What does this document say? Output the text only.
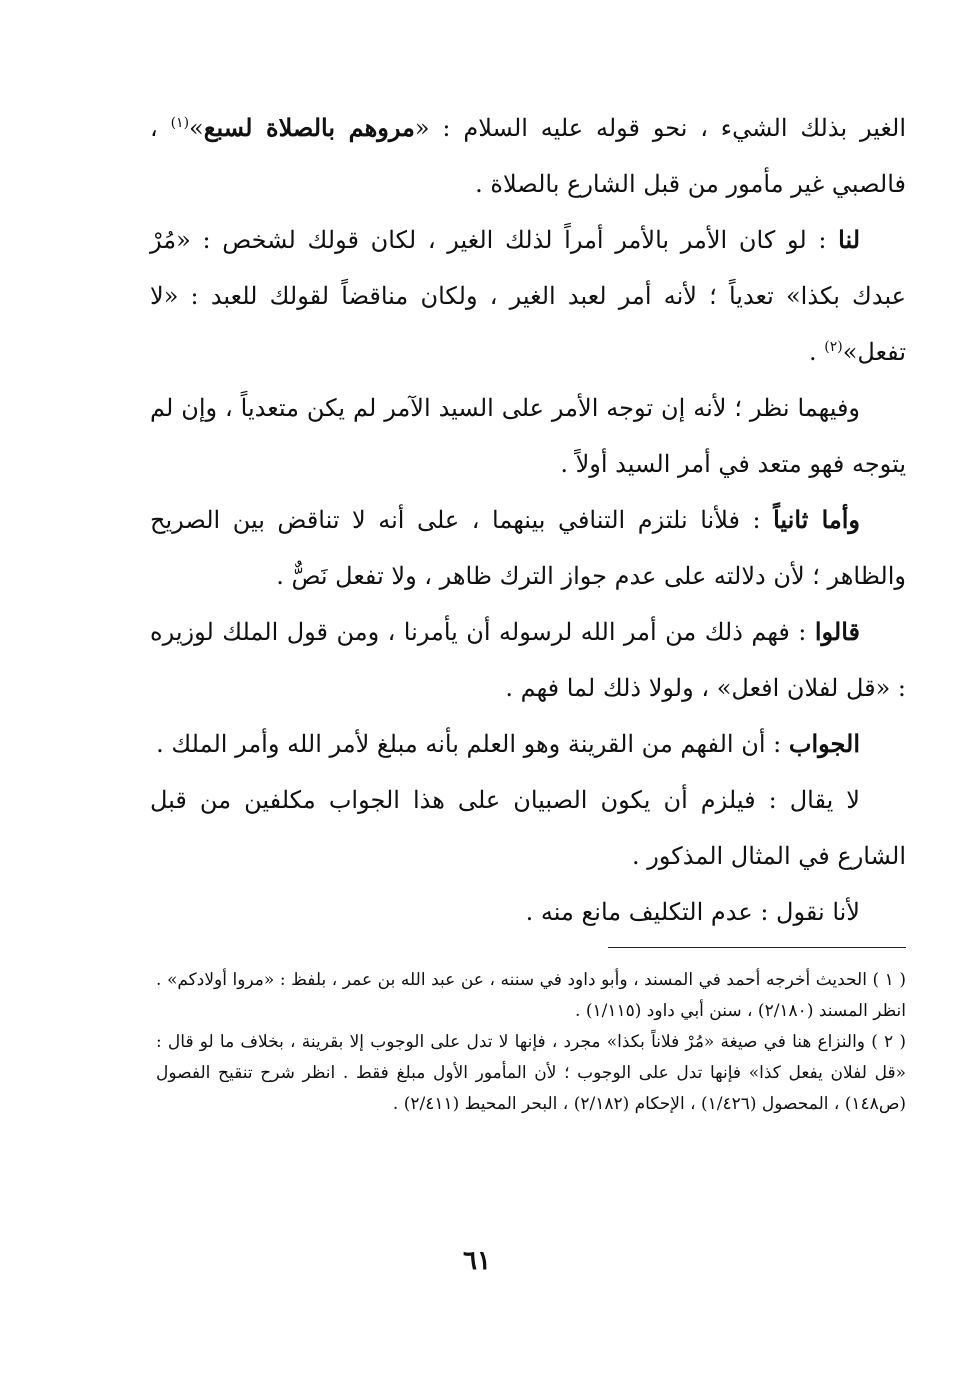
الغير بذلك الشيء ، نحو قوله عليه السلام : «مروهم بالصلاة لسبع»$^{(١)}$ ، فالصبي غير مأمور من قبل الشارع بالصلاة .

لنا : لو كان الأمر بالأمر أمراً لذلك الغير ، لكان قولك لشخص : «مُرْ عبدك بكذا» تعدياً ؛ لأنه أمر لعبد الغير ، ولكان مناقضاً لقولك للعبد : «لا تفعل»$^{(٢)}$ .

وفيهما نظر ؛ لأنه إن توجه الأمر على السيد الآمر لم يكن متعدياً ، وإن لم يتوجه فهو متعد في أمر السيد أولاً .

وأما ثانياً : فلأنا نلتزم التنافي بينهما ، على أنه لا تناقض بين الصريح والظاهر ؛ لأن دلالته على عدم جواز الترك ظاهر ، ولا تفعل نَصٌّ .

قالوا : فهم ذلك من أمر الله لرسوله أن يأمرنا ، ومن قول الملك لوزيره : «قل لفلان افعل» ، ولولا ذلك لما فهم .

الجواب : أن الفهم من القرينة وهو العلم بأنه مبلغ لأمر الله وأمر الملك .

لا يقال : فيلزم أن يكون الصبيان على هذا الجواب مكلفين من قبل الشارع في المثال المذكور .

لأنا نقول : عدم التكليف مانع منه .

( ١ ) الحديث أخرجه أحمد في المسند ، وأبو داود في سننه ، عن عبد الله بن عمر ، بلفظ : «مروا أولادكم» . انظر المسند (٢/١٨٠) ، سنن أبي داود (١/١١٥) .

( ٢ ) والنزاع هنا في صيغة «مُرْ فلاناً بكذا» مجرد ، فإنها لا تدل على الوجوب إلا بقرينة ، بخلاف ما لو قال : «قل لفلان يفعل كذا» فإنها تدل على الوجوب ؛ لأن المأمور الأول مبلغ فقط . انظر شرح تنقيح الفصول (ص١٤٨) ، المحصول (١/٤٢٦) ، الإحكام (٢/١٨٢) ، البحر المحيط (٢/٤١١) .

٦١
